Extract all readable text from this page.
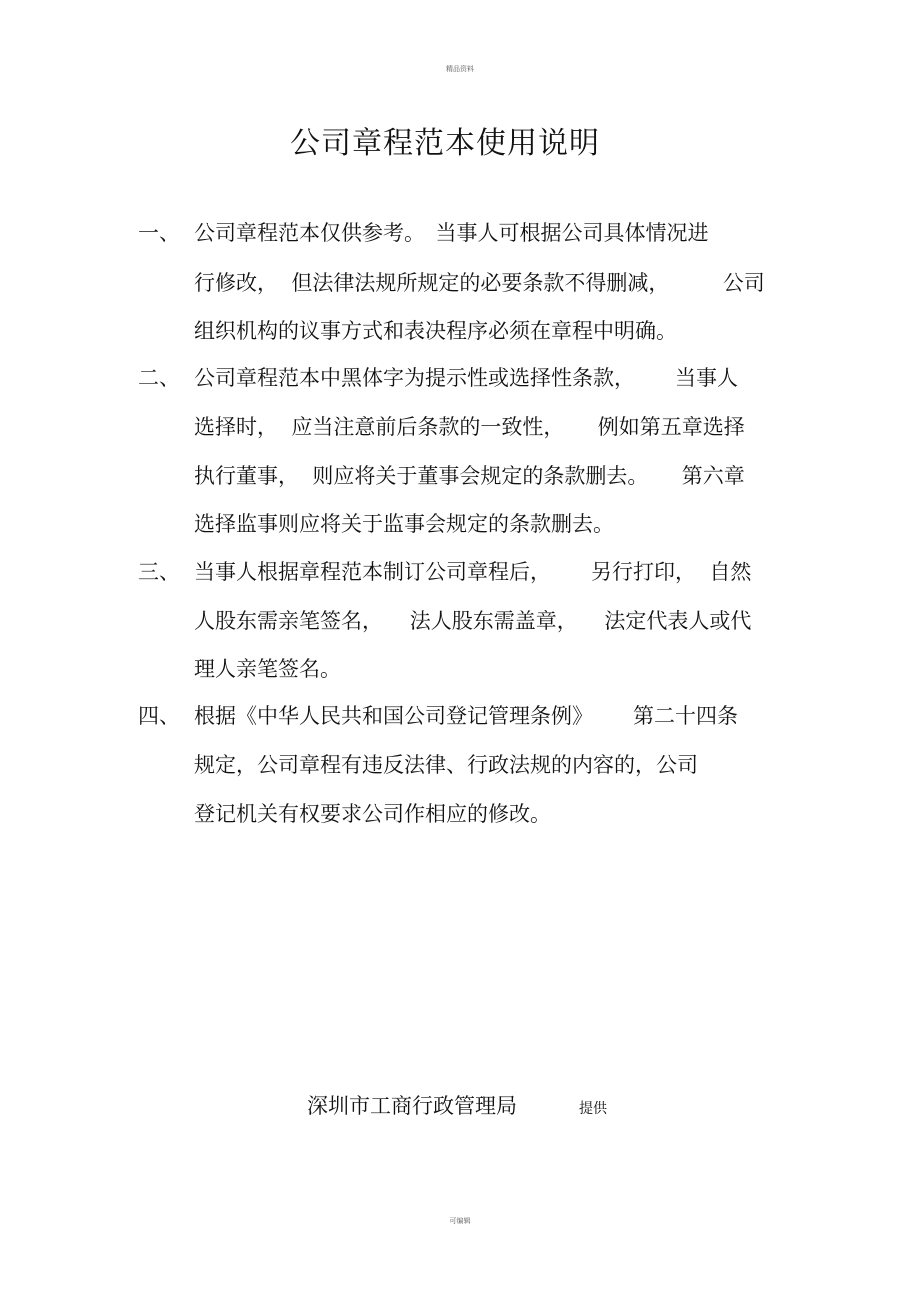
精品资料
公司章程范本使用说明
一、 公司章程范本仅供参考。　当事人可根据公司具体情况进
行修改，  但法律法规所规定的必要条款不得删减，        公司
组织机构的议事方式和表决程序必须在章程中明确。
二、 公司章程范本中黑体字为提示性或选择性条款，      当事人
选择时，  应当注意前后条款的一致性，     例如第五章选择
执行董事，  则应将关于董事会规定的条款删去。     第六章
选择监事则应将关于监事会规定的条款删去。
三、 当事人根据章程范本制订公司章程后，      另行打印，  自然
人股东需亲笔签名，    法人股东需盖章，    法定代表人或代
理人亲笔签名。
四、 根据《中华人民共和国公司登记管理条例》      第二十四条
规定，公司章程有违反法律、行政法规的内容的，公司
登记机关有权要求公司作相应的修改。
深圳市工商行政管理局	提供
可编辑
